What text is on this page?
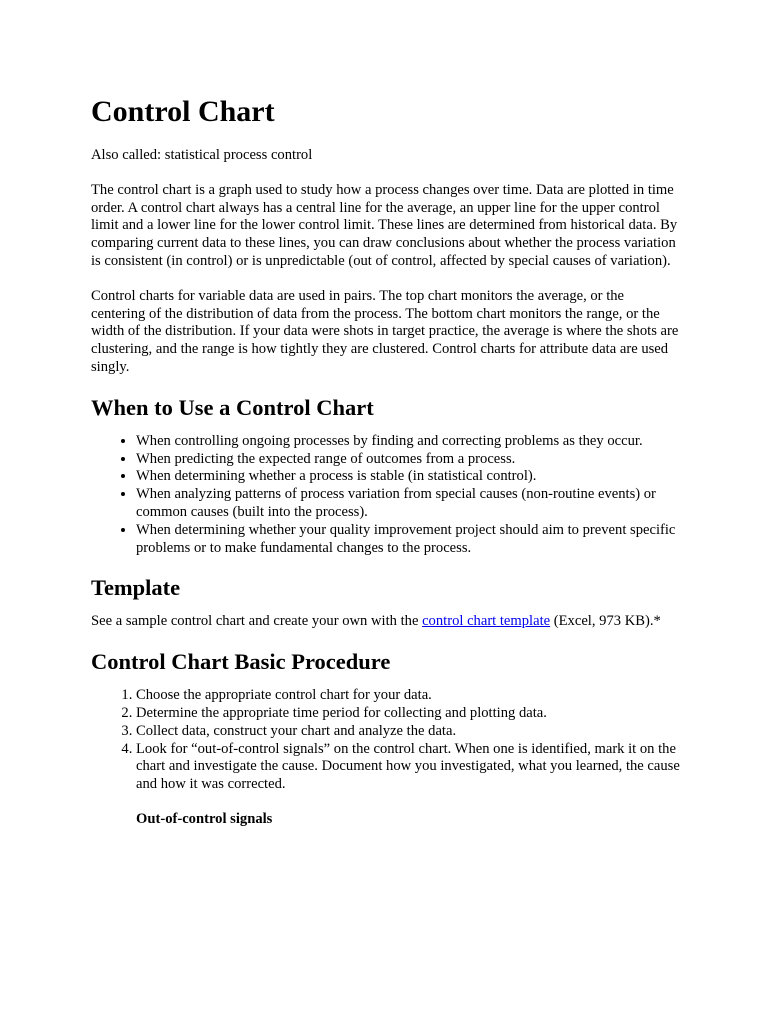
Control Chart

Also called: statistical process control

The control chart is a graph used to study how a process changes over time. Data are plotted in time order. A control chart always has a central line for the average, an upper line for the upper control limit and a lower line for the lower control limit. These lines are determined from historical data. By comparing current data to these lines, you can draw conclusions about whether the process variation is consistent (in control) or is unpredictable (out of control, affected by special causes of variation).

Control charts for variable data are used in pairs. The top chart monitors the average, or the centering of the distribution of data from the process. The bottom chart monitors the range, or the width of the distribution. If your data were shots in target practice, the average is where the shots are clustering, and the range is how tightly they are clustered. Control charts for attribute data are used singly.

When to Use a Control Chart
• When controlling ongoing processes by finding and correcting problems as they occur.
• When predicting the expected range of outcomes from a process.
• When determining whether a process is stable (in statistical control).
• When analyzing patterns of process variation from special causes (non-routine events) or common causes (built into the process).
• When determining whether your quality improvement project should aim to prevent specific problems or to make fundamental changes to the process.
Template

See a sample control chart and create your own with the control chart template (Excel, 973 KB).*

Control Chart Basic Procedure
1. Choose the appropriate control chart for your data.
2. Determine the appropriate time period for collecting and plotting data.
3. Collect data, construct your chart and analyze the data.
4. Look for “out-of-control signals” on the control chart. When one is identified, mark it on the chart and investigate the cause. Document how you investigated, what you learned, the cause and how it was corrected.
Out-of-control signals
